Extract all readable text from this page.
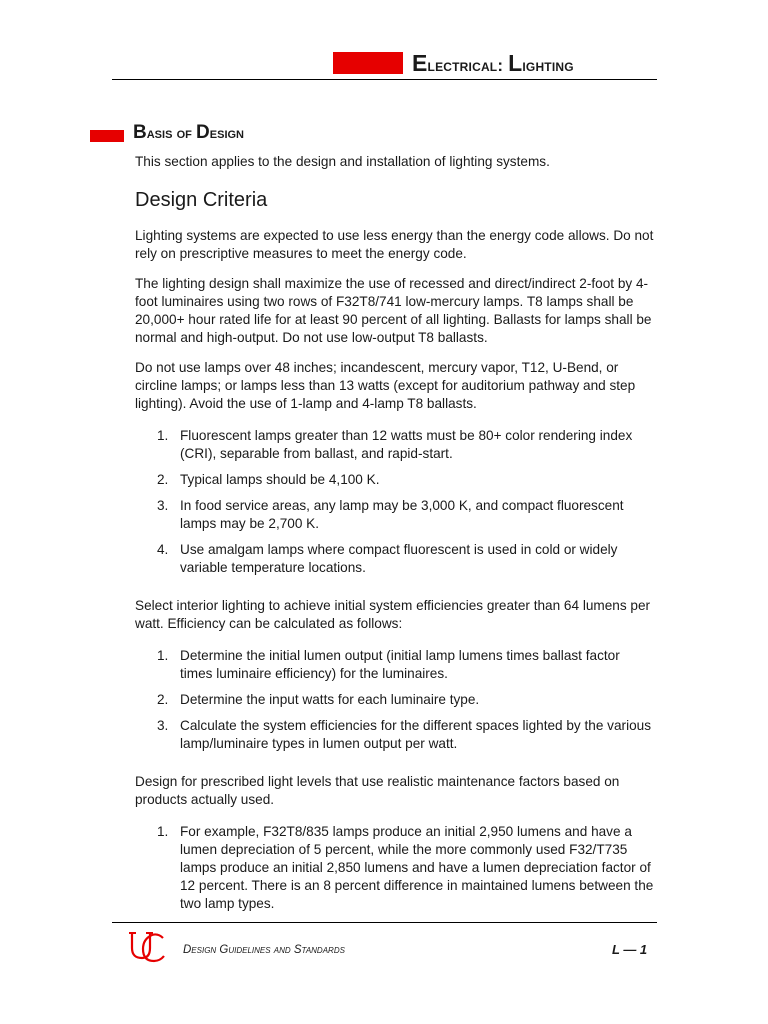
Electrical: Lighting
Basis of Design

This section applies to the design and installation of lighting systems.

Design Criteria

Lighting systems are expected to use less energy than the energy code allows. Do not rely on prescriptive measures to meet the energy code.

The lighting design shall maximize the use of recessed and direct/indirect 2-foot by 4-foot luminaires using two rows of F32T8/741 low-mercury lamps. T8 lamps shall be 20,000+ hour rated life for at least 90 percent of all lighting. Ballasts for lamps shall be normal and high-output. Do not use low-output T8 ballasts.

Do not use lamps over 48 inches; incandescent, mercury vapor, T12, U-Bend, or circline lamps; or lamps less than 13 watts (except for auditorium pathway and step lighting). Avoid the use of 1-lamp and 4-lamp T8 ballasts.

1. Fluorescent lamps greater than 12 watts must be 80+ color rendering index (CRI), separable from ballast, and rapid-start.
2. Typical lamps should be 4,100 K.
3. In food service areas, any lamp may be 3,000 K, and compact fluorescent lamps may be 2,700 K.
4. Use amalgam lamps where compact fluorescent is used in cold or widely variable temperature locations.

Select interior lighting to achieve initial system efficiencies greater than 64 lumens per watt. Efficiency can be calculated as follows:

1. Determine the initial lumen output (initial lamp lumens times ballast factor times luminaire efficiency) for the luminaires.
2. Determine the input watts for each luminaire type.
3. Calculate the system efficiencies for the different spaces lighted by the various lamp/luminaire types in lumen output per watt.

Design for prescribed light levels that use realistic maintenance factors based on products actually used.

1. For example, F32T8/835 lamps produce an initial 2,950 lumens and have a lumen depreciation of 5 percent, while the more commonly used F32/T735 lamps produce an initial 2,850 lumens and have a lumen depreciation factor of 12 percent. There is an 8 percent difference in maintained lumens between the two lamp types.
Design Guidelines and Standards	L — 1
